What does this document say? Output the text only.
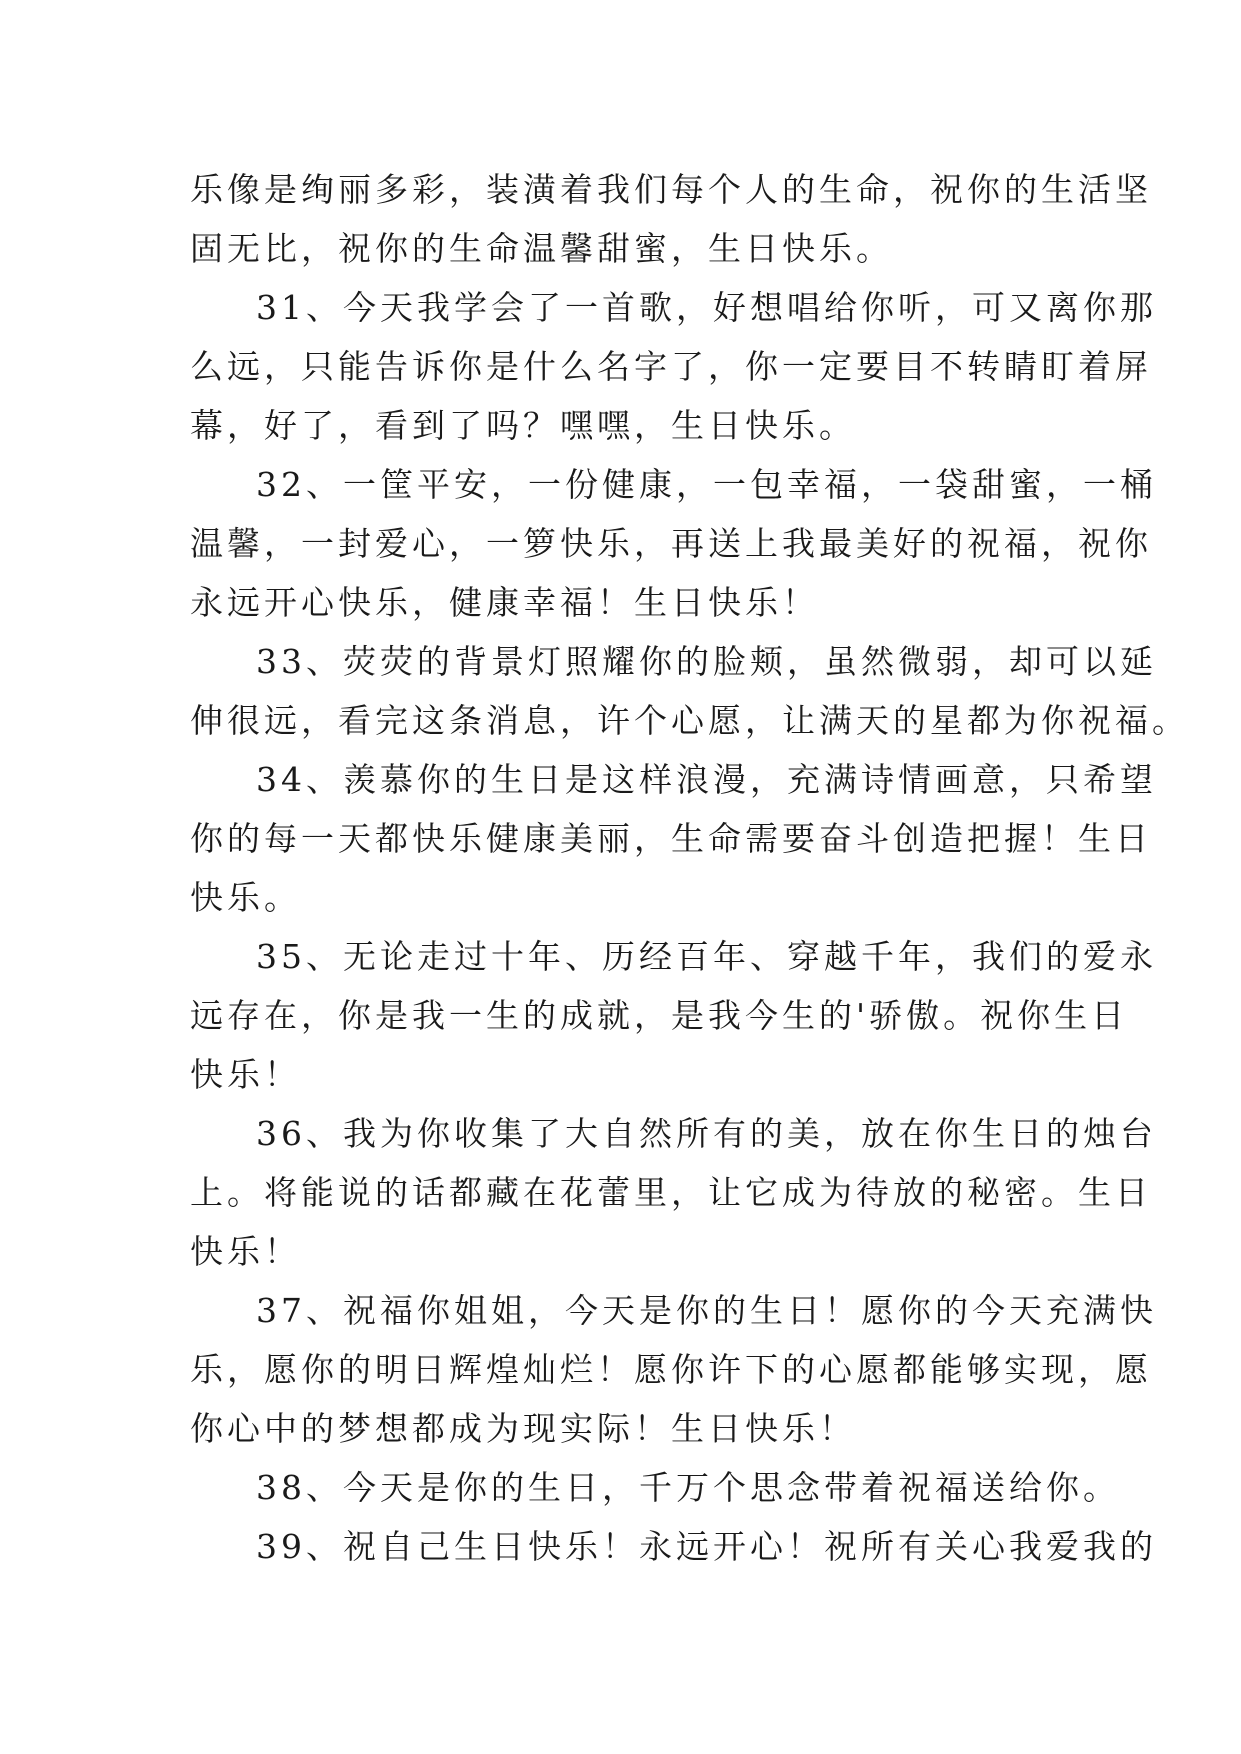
乐像是绚丽多彩，装潢着我们每个人的生命，祝你的生活坚
固无比，祝你的生命温馨甜蜜，生日快乐。

31、今天我学会了一首歌，好想唱给你听，可又离你那
么远，只能告诉你是什么名字了，你一定要目不转睛盯着屏
幕，好了，看到了吗？嘿嘿，生日快乐。

32、一筐平安，一份健康，一包幸福，一袋甜蜜，一桶
温馨，一封爱心，一箩快乐，再送上我最美好的祝福，祝你
永远开心快乐，健康幸福！生日快乐！

33、荧荧的背景灯照耀你的脸颊，虽然微弱，却可以延
伸很远，看完这条消息，许个心愿，让满天的星都为你祝福。

34、羡慕你的生日是这样浪漫，充满诗情画意，只希望
你的每一天都快乐健康美丽，生命需要奋斗创造把握！生日
快乐。

35、无论走过十年、历经百年、穿越千年，我们的爱永
远存在，你是我一生的成就，是我今生的'骄傲。祝你生日
快乐！

36、我为你收集了大自然所有的美，放在你生日的烛台
上。将能说的话都藏在花蕾里，让它成为待放的秘密。生日
快乐！

37、祝福你姐姐，今天是你的生日！愿你的今天充满快
乐，愿你的明日辉煌灿烂！愿你许下的心愿都能够实现，愿
你心中的梦想都成为现实际！生日快乐！

38、今天是你的生日，千万个思念带着祝福送给你。

39、祝自己生日快乐！永远开心！祝所有关心我爱我的
